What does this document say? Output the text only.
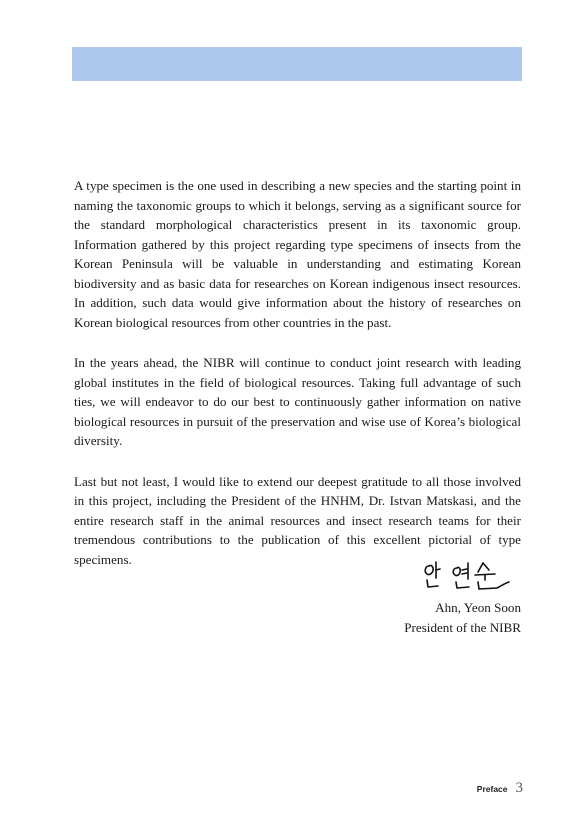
A type specimen is the one used in describing a new species and the starting point in naming the taxonomic groups to which it belongs, serving as a significant source for the standard morphological characteristics present in its taxonomic group. Information gathered by this project regarding type specimens of insects from the Korean Peninsula will be valuable in understanding and estimating Korean biodiversity and as basic data for researches on Korean indigenous insect resources. In addition, such data would give information about the history of researches on Korean biological resources from other countries in the past.

In the years ahead, the NIBR will continue to conduct joint research with leading global institutes in the field of biological resources. Taking full advantage of such ties, we will endeavor to do our best to continuously gather information on native biological resources in pursuit of the preservation and wise use of Korea’s biological diversity.

Last but not least, I would like to extend our deepest gratitude to all those involved in this project, including the President of the HNHM, Dr. Istvan Matskasi, and the entire research staff in the animal resources and insect research teams for their tremendous contributions to the publication of this excellent pictorial of type specimens.

Ahn, Yeon Soon
President of the NIBR
Preface 3
